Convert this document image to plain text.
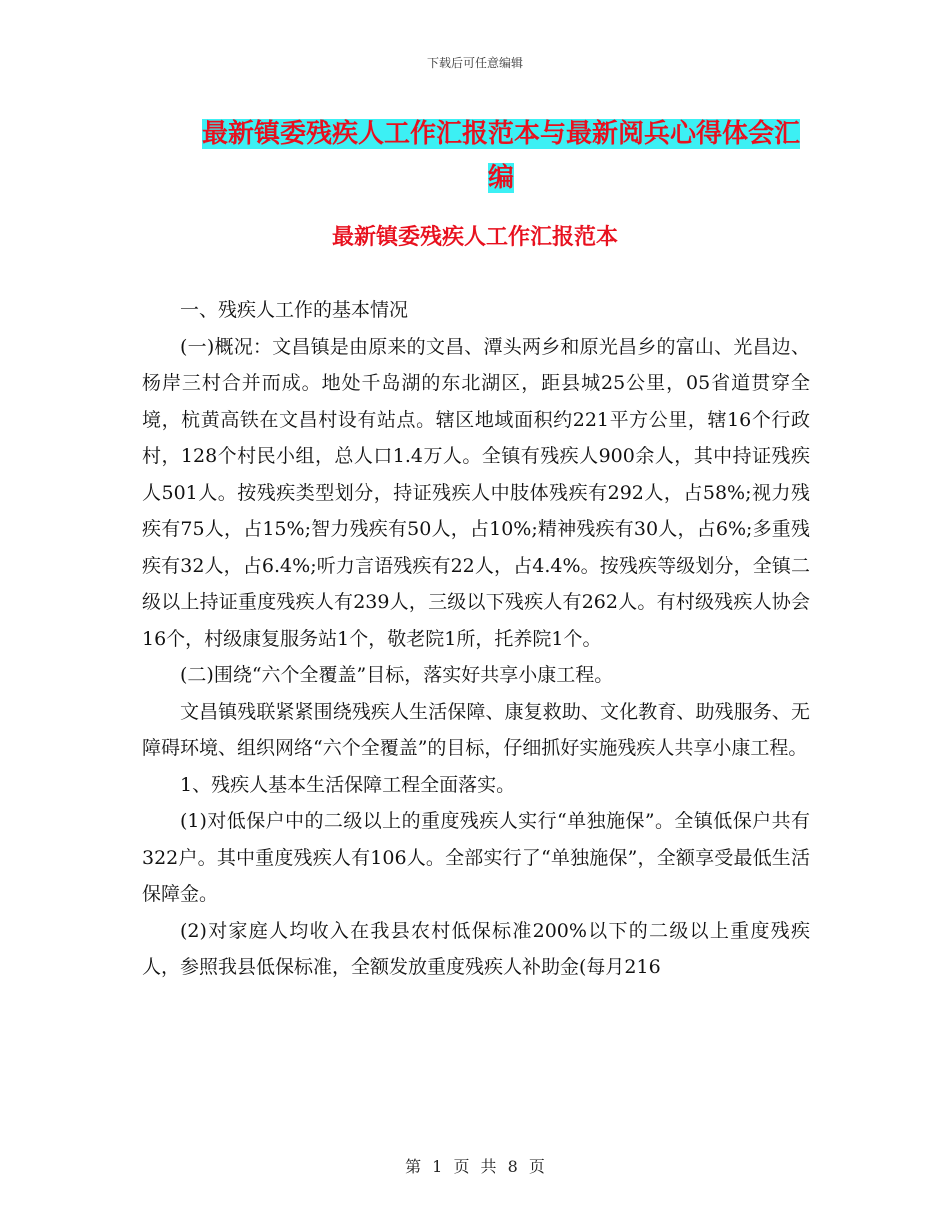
下载后可任意编辑
最新镇委残疾人工作汇报范本与最新阅兵心得体会汇编
最新镇委残疾人工作汇报范本

一、残疾人工作的基本情况

(一)概况：文昌镇是由原来的文昌、潭头两乡和原光昌乡的富山、光昌边、杨岸三村合并而成。地处千岛湖的东北湖区，距县城25公里，05省道贯穿全境，杭黄高铁在文昌村设有站点。辖区地域面积约221平方公里，辖16个行政村，128个村民小组，总人口1.4万人。全镇有残疾人900余人，其中持证残疾人501人。按残疾类型划分，持证残疾人中肢体残疾有292人，占58%;视力残疾有75人，占15%;智力残疾有50人，占10%;精神残疾有30人，占6%;多重残疾有32人，占6.4%;听力言语残疾有22人，占4.4%。按残疾等级划分，全镇二级以上持证重度残疾人有239人，三级以下残疾人有262人。有村级残疾人协会16个，村级康复服务站1个，敬老院1所，托养院1个。

(二)围绕“六个全覆盖”目标，落实好共享小康工程。

文昌镇残联紧紧围绕残疾人生活保障、康复救助、文化教育、助残服务、无障碍环境、组织网络“六个全覆盖”的目标，仔细抓好实施残疾人共享小康工程。

1、残疾人基本生活保障工程全面落实。

(1)对低保户中的二级以上的重度残疾人实行“单独施保”。全镇低保户共有322户。其中重度残疾人有106人。全部实行了“单独施保”，全额享受最低生活保障金。

(2)对家庭人均收入在我县农村低保标准200%以下的二级以上重度残疾人，参照我县低保标准，全额发放重度残疾人补助金(每月216

第 1 页 共 8 页
